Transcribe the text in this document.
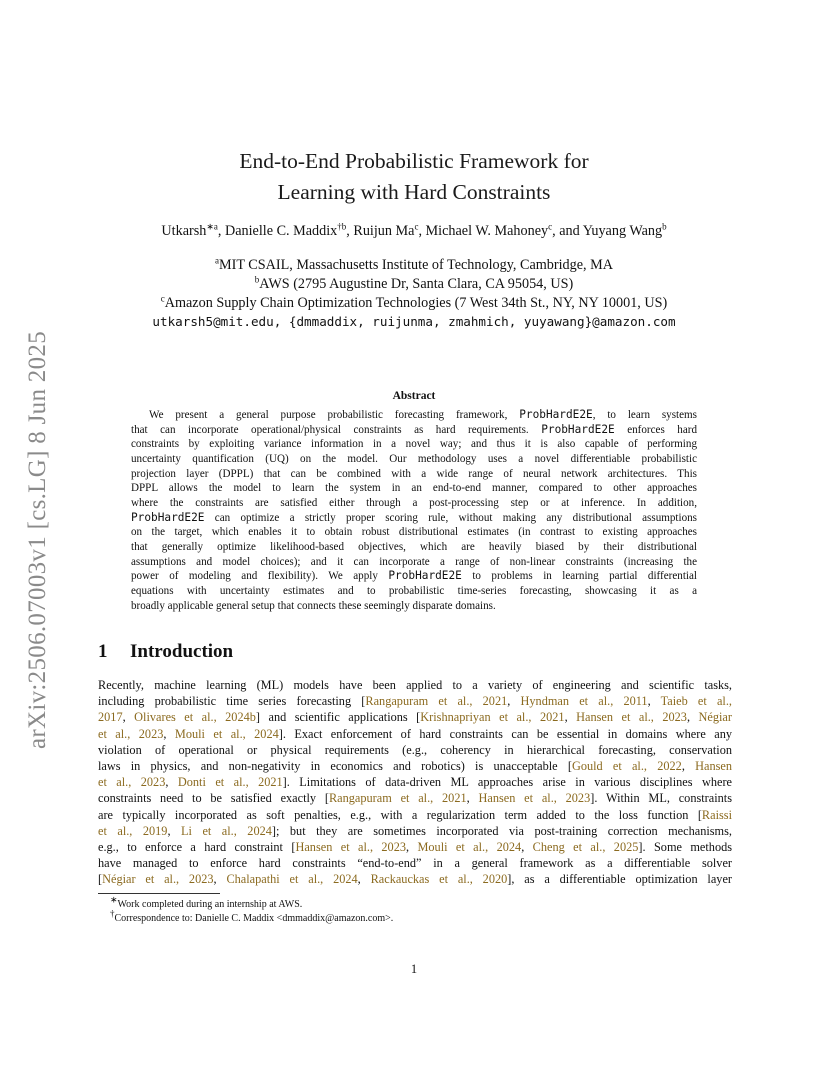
arXiv:2506.07003v1 [cs.LG] 8 Jun 2025
End-to-End Probabilistic Framework for
Learning with Hard Constraints
Utkarsh$^{∗a}$, Danielle C. Maddix$^{\dagger b}$, Ruijun Ma$^c$, Michael W. Mahoney$^c$, and Yuyang Wang$^b$
$^a$MIT CSAIL, Massachusetts Institute of Technology, Cambridge, MA
$^b$AWS (2795 Augustine Dr, Santa Clara, CA 95054, US)
$^c$Amazon Supply Chain Optimization Technologies (7 West 34th St., NY, NY 10001, US)
utkarsh5@mit.edu, {dmmaddix, ruijunma, zmahmich, yuyawang}@amazon.com
Abstract
We present a general purpose probabilistic forecasting framework, ProbHardE2E, to learn systems
that can incorporate operational/physical constraints as hard requirements. ProbHardE2E enforces hard
constraints by exploiting variance information in a novel way; and thus it is also capable of performing
uncertainty quantification (UQ) on the model. Our methodology uses a novel differentiable probabilistic
projection layer (DPPL) that can be combined with a wide range of neural network architectures. This
DPPL allows the model to learn the system in an end-to-end manner, compared to other approaches
where the constraints are satisfied either through a post-processing step or at inference. In addition,
ProbHardE2E can optimize a strictly proper scoring rule, without making any distributional assumptions
on the target, which enables it to obtain robust distributional estimates (in contrast to existing approaches
that generally optimize likelihood-based objectives, which are heavily biased by their distributional
assumptions and model choices); and it can incorporate a range of non-linear constraints (increasing the
power of modeling and flexibility). We apply ProbHardE2E to problems in learning partial differential
equations with uncertainty estimates and to probabilistic time-series forecasting, showcasing it as a
broadly applicable general setup that connects these seemingly disparate domains.
1 Introduction
Recently, machine learning (ML) models have been applied to a variety of engineering and scientific tasks,
including probabilistic time series forecasting [Rangapuram et al., 2021, Hyndman et al., 2011, Taieb et al.,
2017, Olivares et al., 2024b] and scientific applications [Krishnapriyan et al., 2021, Hansen et al., 2023, Négiar
et al., 2023, Mouli et al., 2024]. Exact enforcement of hard constraints can be essential in domains where any
violation of operational or physical requirements (e.g., coherency in hierarchical forecasting, conservation
laws in physics, and non-negativity in economics and robotics) is unacceptable [Gould et al., 2022, Hansen
et al., 2023, Donti et al., 2021]. Limitations of data-driven ML approaches arise in various disciplines where
constraints need to be satisfied exactly [Rangapuram et al., 2021, Hansen et al., 2023]. Within ML, constraints
are typically incorporated as soft penalties, e.g., with a regularization term added to the loss function [Raissi
et al., 2019, Li et al., 2024]; but they are sometimes incorporated via post-training correction mechanisms,
e.g., to enforce a hard constraint [Hansen et al., 2023, Mouli et al., 2024, Cheng et al., 2025]. Some methods
have managed to enforce hard constraints “end-to-end” in a general framework as a differentiable solver
[Négiar et al., 2023, Chalapathi et al., 2024, Rackauckas et al., 2020], as a differentiable optimization layer
∗Work completed during an internship at AWS.
†Correspondence to: Danielle C. Maddix <dmmaddix@amazon.com>.
1
